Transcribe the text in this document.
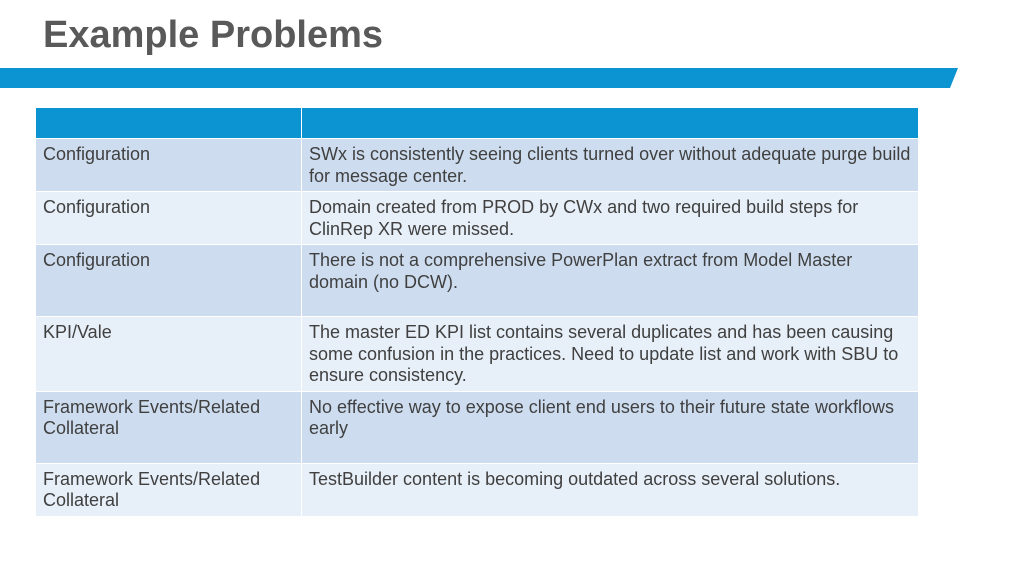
Example Problems

Configuration	SWx is consistently seeing clients turned over without adequate purge build for message center.
Configuration	Domain created from PROD by CWx and two required build steps for ClinRep XR were missed.
Configuration	There is not a comprehensive PowerPlan extract from Model Master domain (no DCW).
KPI/Vale	The master ED KPI list contains several duplicates and has been causing some confusion in the practices. Need to update list and work with SBU to ensure consistency.
Framework Events/Related Collateral	No effective way to expose client end users to their future state workflows early
Framework Events/Related Collateral	TestBuilder content is becoming outdated across several solutions.
